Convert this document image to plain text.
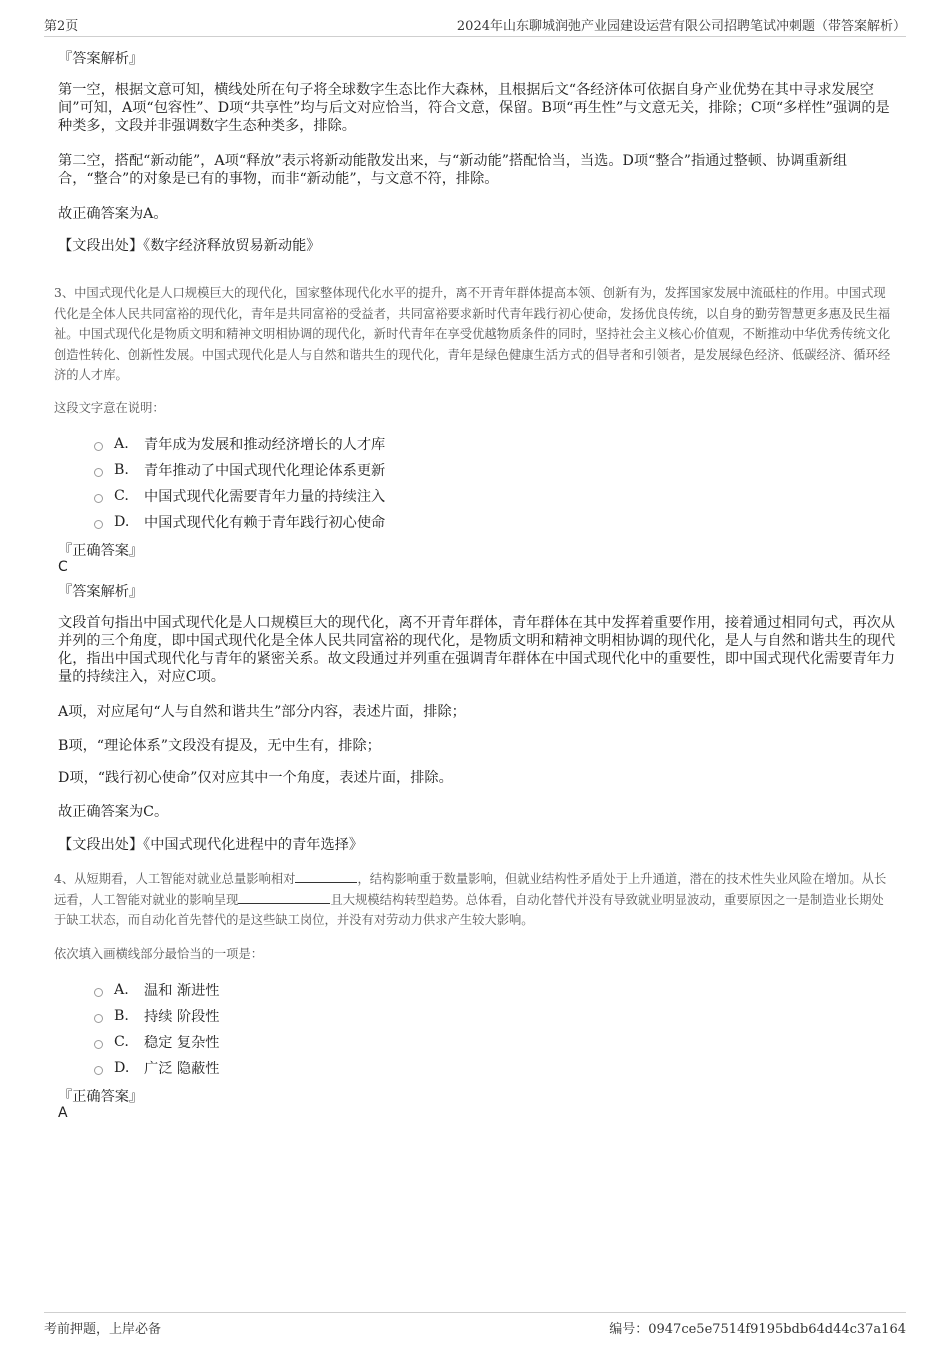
第2页	2024年山东聊城润弛产业园建设运营有限公司招聘笔试冲刺题（带答案解析）

『答案解析』

第一空，根据文意可知，横线处所在句子将全球数字生态比作大森林，且根据后文“各经济体可依据自身产业优势在其中寻求发展空间”可知，A项“包容性”、D项“共享性”均与后文对应恰当，符合文意，保留。B项“再生性”与文意无关，排除；C项“多样性”强调的是种类多，文段并非强调数字生态种类多，排除。

第二空，搭配“新动能”，A项“释放”表示将新动能散发出来，与“新动能”搭配恰当，当选。D项“整合”指通过整顿、协调重新组合，“整合”的对象是已有的事物，而非“新动能”，与文意不符，排除。

故正确答案为A。

【文段出处】《数字经济释放贸易新动能》

3、中国式现代化是人口规模巨大的现代化，国家整体现代化水平的提升，离不开青年群体提高本领、创新有为，发挥国家发展中流砥柱的作用。中国式现代化是全体人民共同富裕的现代化，青年是共同富裕的受益者，共同富裕要求新时代青年践行初心使命，发扬优良传统，以自身的勤劳智慧更多惠及民生福祉。中国式现代化是物质文明和精神文明相协调的现代化，新时代青年在享受优越物质条件的同时，坚持社会主义核心价值观，不断推动中华优秀传统文化创造性转化、创新性发展。中国式现代化是人与自然和谐共生的现代化，青年是绿色健康生活方式的倡导者和引领者，是发展绿色经济、低碳经济、循环经济的人才库。

这段文字意在说明：

A.	青年成为发展和推动经济增长的人才库
B.	青年推动了中国式现代化理论体系更新
C.	中国式现代化需要青年力量的持续注入
D.	中国式现代化有赖于青年践行初心使命

『正确答案』

C

『答案解析』

文段首句指出中国式现代化是人口规模巨大的现代化，离不开青年群体，青年群体在其中发挥着重要作用，接着通过相同句式，再次从并列的三个角度，即中国式现代化是全体人民共同富裕的现代化，是物质文明和精神文明相协调的现代化，是人与自然和谐共生的现代化，指出中国式现代化与青年的紧密关系。故文段通过并列重在强调青年群体在中国式现代化中的重要性，即中国式现代化需要青年力量的持续注入，对应C项。

A项，对应尾句“人与自然和谐共生”部分内容，表述片面，排除；

B项，“理论体系”文段没有提及，无中生有，排除；

D项，“践行初心使命”仅对应其中一个角度，表述片面，排除。

故正确答案为C。

【文段出处】《中国式现代化进程中的青年选择》

4、从短期看，人工智能对就业总量影响相对	，结构影响重于数量影响，但就业结构性矛盾处于上升通道，潜在的技术性失业风险在增加。从长远看，人工智能对就业的影响呈现	且大规模结构转型趋势。总体看，自动化替代并没有导致就业明显波动，重要原因之一是制造业长期处于缺工状态，而自动化首先替代的是这些缺工岗位，并没有对劳动力供求产生较大影响。

依次填入画横线部分最恰当的一项是：

A.	温和 渐进性
B.	持续 阶段性
C.	稳定 复杂性
D.	广泛 隐蔽性

『正确答案』

A

考前押题，上岸必备	编号：0947ce5e7514f9195bdb64d44c37a164
